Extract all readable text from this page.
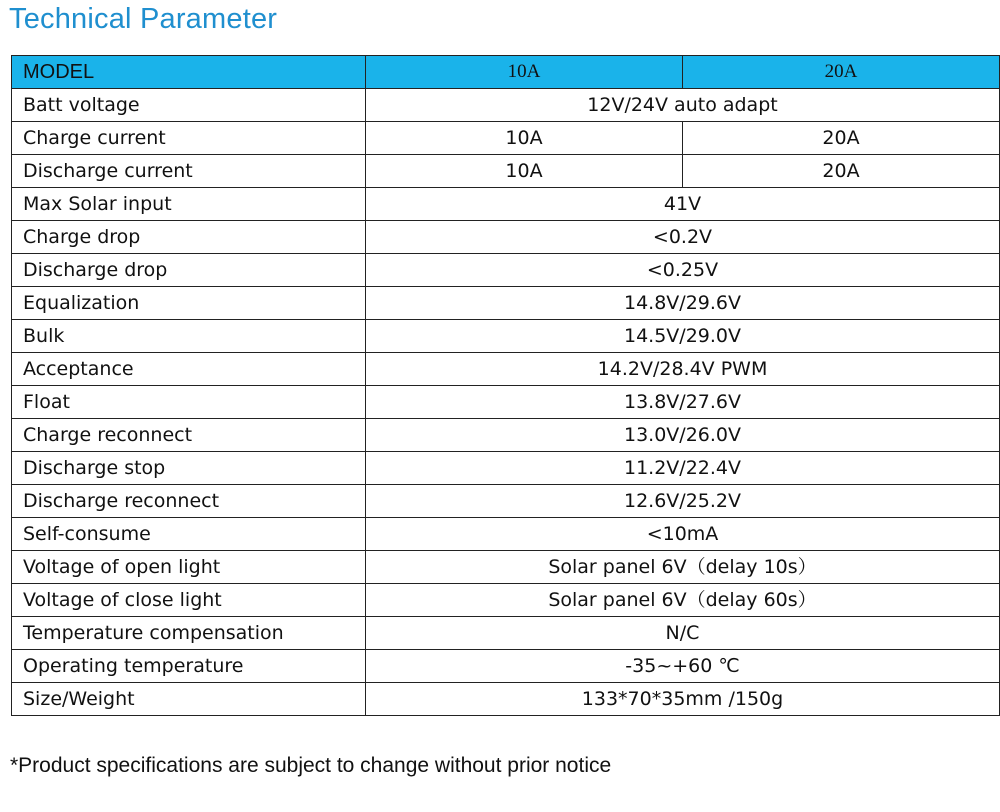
Technical Parameter
MODEL	10A	20A
Batt voltage	12V/24V auto adapt	
Charge current	10A	20A
Discharge current	10A	20A
Max Solar input	41V	
Charge drop	<0.2V	
Discharge drop	<0.25V	
Equalization	14.8V/29.6V	
Bulk	14.5V/29.0V	
Acceptance	14.2V/28.4V PWM	
Float	13.8V/27.6V	
Charge reconnect	13.0V/26.0V	
Discharge stop	11.2V/22.4V	
Discharge reconnect	12.6V/25.2V	
Self-consume	<10mA	
Voltage of open light	Solar panel 6V（delay 10s）	
Voltage of close light	Solar panel 6V（delay 60s）	
Temperature compensation	N/C	
Operating temperature	-35~+60 ℃	
Size/Weight	133*70*35mm /150g	
*Product specifications are subject to change without prior notice
